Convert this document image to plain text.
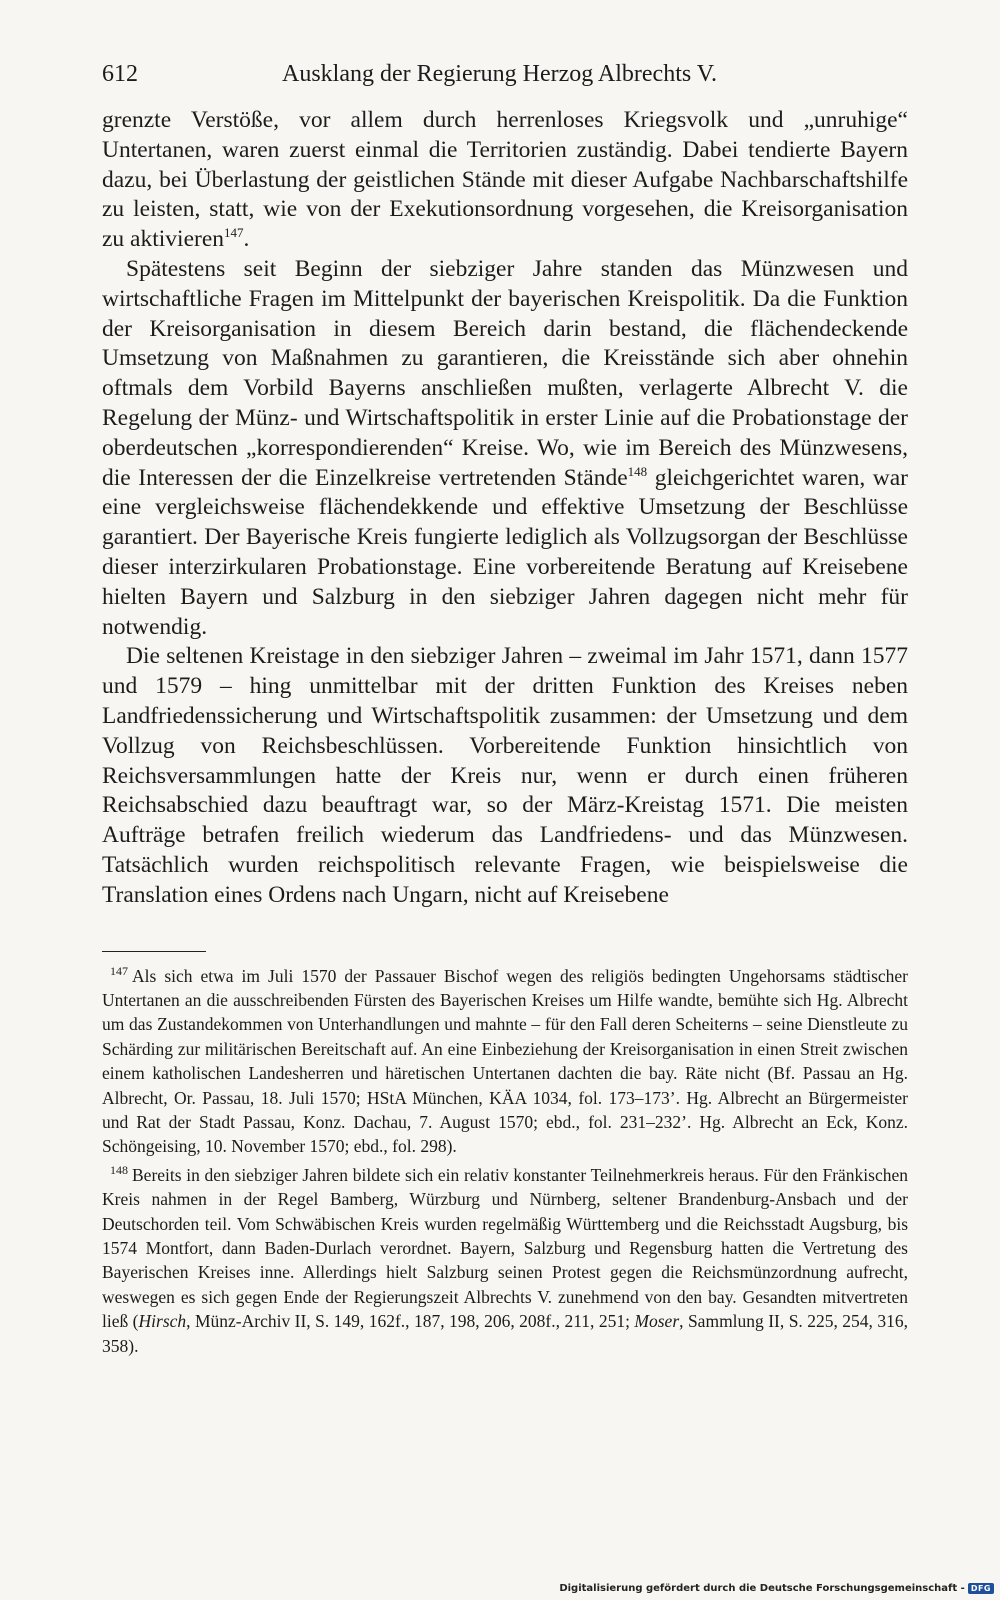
612	Ausklang der Regierung Herzog Albrechts V.

grenzte Verstöße, vor allem durch herrenloses Kriegsvolk und „unruhige“ Untertanen, waren zuerst einmal die Territorien zuständig. Dabei tendierte Bayern dazu, bei Überlastung der geistlichen Stände mit dieser Aufgabe Nachbarschaftshilfe zu leisten, statt, wie von der Exekutionsordnung vorgesehen, die Kreisorganisation zu aktivieren$^{147}$.

Spätestens seit Beginn der siebziger Jahre standen das Münzwesen und wirtschaftliche Fragen im Mittelpunkt der bayerischen Kreispolitik. Da die Funktion der Kreisorganisation in diesem Bereich darin bestand, die flächendeckende Umsetzung von Maßnahmen zu garantieren, die Kreisstände sich aber ohnehin oftmals dem Vorbild Bayerns anschließen mußten, verlagerte Albrecht V. die Regelung der Münz- und Wirtschaftspolitik in erster Linie auf die Probationstage der oberdeutschen „korrespondierenden“ Kreise. Wo, wie im Bereich des Münzwesens, die Interessen der die Einzelkreise vertretenden Stände$^{148}$ gleichgerichtet waren, war eine vergleichsweise flächendekkende und effektive Umsetzung der Beschlüsse garantiert. Der Bayerische Kreis fungierte lediglich als Vollzugsorgan der Beschlüsse dieser interzirkularen Probationstage. Eine vorbereitende Beratung auf Kreisebene hielten Bayern und Salzburg in den siebziger Jahren dagegen nicht mehr für notwendig.

Die seltenen Kreistage in den siebziger Jahren – zweimal im Jahr 1571, dann 1577 und 1579 – hing unmittelbar mit der dritten Funktion des Kreises neben Landfriedenssicherung und Wirtschaftspolitik zusammen: der Umsetzung und dem Vollzug von Reichsbeschlüssen. Vorbereitende Funktion hinsichtlich von Reichsversammlungen hatte der Kreis nur, wenn er durch einen früheren Reichsabschied dazu beauftragt war, so der März-Kreistag 1571. Die meisten Aufträge betrafen freilich wiederum das Landfriedens- und das Münzwesen. Tatsächlich wurden reichspolitisch relevante Fragen, wie beispielsweise die Translation eines Ordens nach Ungarn, nicht auf Kreisebene

$^{147}$ Als sich etwa im Juli 1570 der Passauer Bischof wegen des religiös bedingten Ungehorsams städtischer Untertanen an die ausschreibenden Fürsten des Bayerischen Kreises um Hilfe wandte, bemühte sich Hg. Albrecht um das Zustandekommen von Unterhandlungen und mahnte – für den Fall deren Scheiterns – seine Dienstleute zu Schärding zur militärischen Bereitschaft auf. An eine Einbeziehung der Kreisorganisation in einen Streit zwischen einem katholischen Landesherren und häretischen Untertanen dachten die bay. Räte nicht (Bf. Passau an Hg. Albrecht, Or. Passau, 18. Juli 1570; HStA München, KÄA 1034, fol. 173–173’. Hg. Albrecht an Bürgermeister und Rat der Stadt Passau, Konz. Dachau, 7. August 1570; ebd., fol. 231–232’. Hg. Albrecht an Eck, Konz. Schöngeising, 10. November 1570; ebd., fol. 298).

$^{148}$ Bereits in den siebziger Jahren bildete sich ein relativ konstanter Teilnehmerkreis heraus. Für den Fränkischen Kreis nahmen in der Regel Bamberg, Würzburg und Nürnberg, seltener Brandenburg-Ansbach und der Deutschorden teil. Vom Schwäbischen Kreis wurden regelmäßig Württemberg und die Reichsstadt Augsburg, bis 1574 Montfort, dann Baden-Durlach verordnet. Bayern, Salzburg und Regensburg hatten die Vertretung des Bayerischen Kreises inne. Allerdings hielt Salzburg seinen Protest gegen die Reichsmünzordnung aufrecht, weswegen es sich gegen Ende der Regierungszeit Albrechts V. zunehmend von den bay. Gesandten mitvertreten ließ (Hirsch, Münz-Archiv II, S. 149, 162f., 187, 198, 206, 208f., 211, 251; Moser, Sammlung II, S. 225, 254, 316, 358).

Digitalisierung gefördert durch die Deutsche Forschungsgemeinschaft - DFG
